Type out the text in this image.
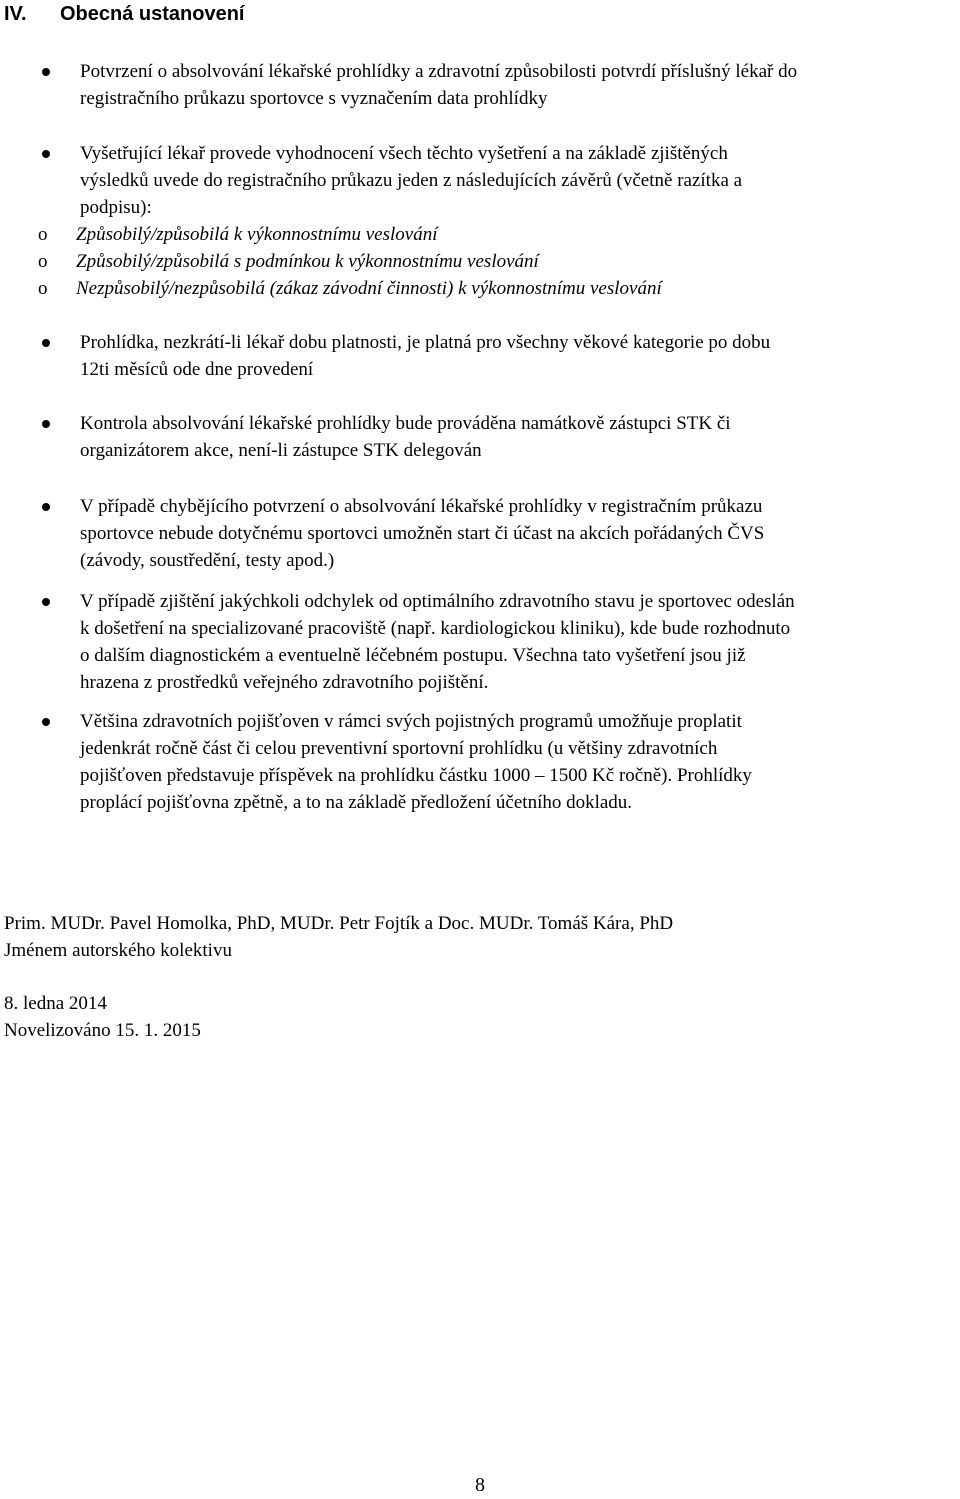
IV. Obecná ustanovení

Potvrzení o absolvování lékařské prohlídky a zdravotní způsobilosti potvrdí příslušný lékař do

registračního průkazu sportovce s vyznačením data prohlídky

Vyšetřující lékař provede vyhodnocení všech těchto vyšetření a na základě zjištěných

výsledků uvede do registračního průkazu jeden z následujících závěrů (včetně razítka a

podpisu):

o Způsobilý/způsobilá k výkonnostnímu veslování
o Způsobilý/způsobilá s podmínkou k výkonnostnímu veslování
o Nezpůsobilý/nezpůsobilá (zákaz závodní činnosti) k výkonnostnímu veslování

Prohlídka, nezkrátí-li lékař dobu platnosti, je platná pro všechny věkové kategorie po dobu

12ti měsíců ode dne provedení

Kontrola absolvování lékařské prohlídky bude prováděna namátkově zástupci STK či

organizátorem akce, není-li zástupce STK delegován

V případě chybějícího potvrzení o absolvování lékařské prohlídky v registračním průkazu

sportovce nebude dotyčnému sportovci umožněn start či účast na akcích pořádaných ČVS

(závody, soustředění, testy apod.)

V případě zjištění jakýchkoli odchylek od optimálního zdravotního stavu je sportovec odeslán

k došetření na specializované pracoviště (např. kardiologickou kliniku), kde bude rozhodnuto

o dalším diagnostickém a eventuelně léčebném postupu. Všechna tato vyšetření jsou již

hrazena z prostředků veřejného zdravotního pojištění.

Většina zdravotních pojišťoven v rámci svých pojistných programů umožňuje proplatit

jedenkrát ročně část či celou preventivní sportovní prohlídku (u většiny zdravotních

pojišťoven představuje příspěvek na prohlídku částku 1000 – 1500 Kč ročně). Prohlídky

proplácí pojišťovna zpětně, a to na základě předložení účetního dokladu.

Prim. MUDr. Pavel Homolka, PhD, MUDr. Petr Fojtík a Doc. MUDr. Tomáš Kára, PhD
Jménem autorského kolektivu
8. ledna 2014
Novelizováno 15. 1. 2015
8
